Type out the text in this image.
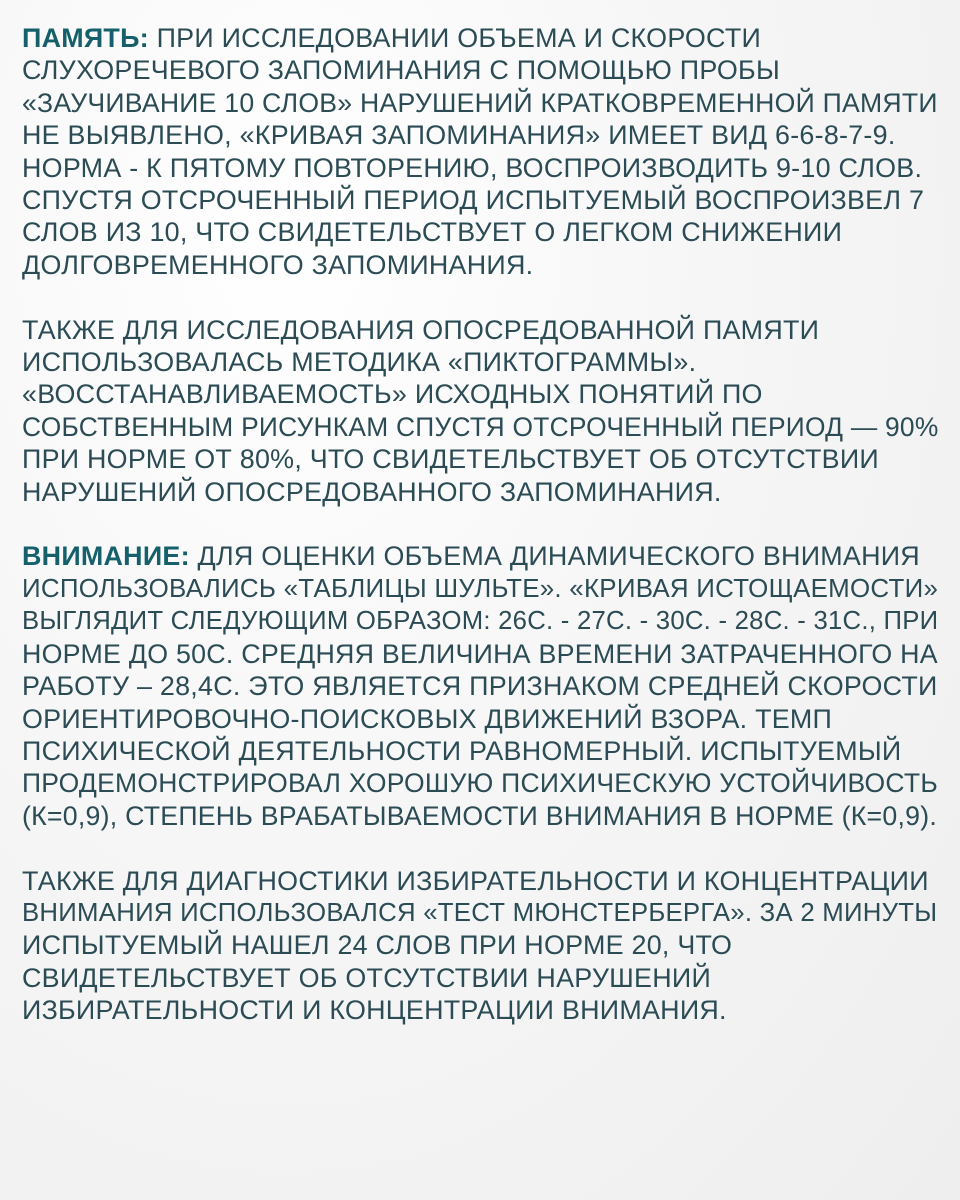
ПАМЯТЬ: ПРИ ИССЛЕДОВАНИИ ОБЪЕМА И СКОРОСТИ
СЛУХОРЕЧЕВОГО ЗАПОМИНАНИЯ С ПОМОЩЬЮ ПРОБЫ
«ЗАУЧИВАНИЕ 10 СЛОВ» НАРУШЕНИЙ КРАТКОВРЕМЕННОЙ ПАМЯТИ
НЕ ВЫЯВЛЕНО, «КРИВАЯ ЗАПОМИНАНИЯ» ИМЕЕТ ВИД 6-6-8-7-9.
НОРМА - К ПЯТОМУ ПОВТОРЕНИЮ, ВОСПРОИЗВОДИТЬ 9-10 СЛОВ.
СПУСТЯ ОТСРОЧЕННЫЙ ПЕРИОД ИСПЫТУЕМЫЙ ВОСПРОИЗВЕЛ 7
СЛОВ ИЗ 10, ЧТО СВИДЕТЕЛЬСТВУЕТ О ЛЕГКОМ СНИЖЕНИИ
ДОЛГОВРЕМЕННОГО ЗАПОМИНАНИЯ.
ТАКЖЕ ДЛЯ ИССЛЕДОВАНИЯ ОПОСРЕДОВАННОЙ ПАМЯТИ
ИСПОЛЬЗОВАЛАСЬ МЕТОДИКА «ПИКТОГРАММЫ».
«ВОССТАНАВЛИВАЕМОСТЬ» ИСХОДНЫХ ПОНЯТИЙ ПО
СОБСТВЕННЫМ РИСУНКАМ СПУСТЯ ОТСРОЧЕННЫЙ ПЕРИОД — 90%
ПРИ НОРМЕ ОТ 80%, ЧТО СВИДЕТЕЛЬСТВУЕТ ОБ ОТСУТСТВИИ
НАРУШЕНИЙ ОПОСРЕДОВАННОГО ЗАПОМИНАНИЯ.
ВНИМАНИЕ: ДЛЯ ОЦЕНКИ ОБЪЕМА ДИНАМИЧЕСКОГО ВНИМАНИЯ
ИСПОЛЬЗОВАЛИСЬ «ТАБЛИЦЫ ШУЛЬТЕ». «КРИВАЯ ИСТОЩАЕМОСТИ»
ВЫГЛЯДИТ СЛЕДУЮЩИМ ОБРАЗОМ: 26С. - 27С. - 30С. - 28С. - 31С., ПРИ
НОРМЕ ДО 50С. СРЕДНЯЯ ВЕЛИЧИНА ВРЕМЕНИ ЗАТРАЧЕННОГО НА
РАБОТУ – 28,4С. ЭТО ЯВЛЯЕТСЯ ПРИЗНАКОМ СРЕДНЕЙ СКОРОСТИ
ОРИЕНТИРОВОЧНО-ПОИСКОВЫХ ДВИЖЕНИЙ ВЗОРА. ТЕМП
ПСИХИЧЕСКОЙ ДЕЯТЕЛЬНОСТИ РАВНОМЕРНЫЙ. ИСПЫТУЕМЫЙ
ПРОДЕМОНСТРИРОВАЛ ХОРОШУЮ ПСИХИЧЕСКУЮ УСТОЙЧИВОСТЬ
(К=0,9), СТЕПЕНЬ ВРАБАТЫВАЕМОСТИ ВНИМАНИЯ В НОРМЕ (К=0,9).
ТАКЖЕ ДЛЯ ДИАГНОСТИКИ ИЗБИРАТЕЛЬНОСТИ И КОНЦЕНТРАЦИИ
ВНИМАНИЯ ИСПОЛЬЗОВАЛСЯ «ТЕСТ МЮНСТЕРБЕРГА». ЗА 2 МИНУТЫ
ИСПЫТУЕМЫЙ НАШЕЛ 24 СЛОВ ПРИ НОРМЕ 20, ЧТО
СВИДЕТЕЛЬСТВУЕТ ОБ ОТСУТСТВИИ НАРУШЕНИЙ
ИЗБИРАТЕЛЬНОСТИ И КОНЦЕНТРАЦИИ ВНИМАНИЯ.
